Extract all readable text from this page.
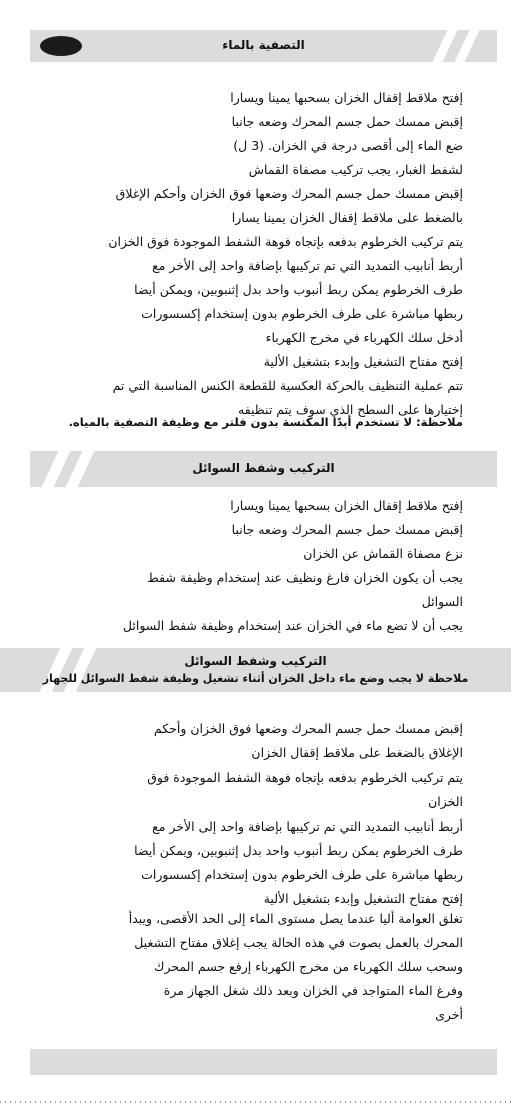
التصفية بالماء

إفتح ملاقط إقفال الخزان بسحبها يمينا ويسارا

إقبض ممسك حمل جسم المحرك وضعه جانبا

ضع الماء إلى أقصى درجة في الخزان. (3 ل)

لشفط الغبار، يجب تركيب مصفاة القماش

إقبض ممسك حمل جسم المحرك وضعها فوق الخزان وأحكم الإغلاق

بالضغط على ملاقط إقفال الخزان يمينا يسارا

يتم تركيب الخرطوم بدفعه بإتجاه فوهة الشفط الموجودة فوق الخزان

أربط أنابيب التمديد التي تم تركيبها بإضافة واحد إلى الأخر مع

طرف الخرطوم يمكن ربط أنبوب واحد بدل إثنبوبين، ويمكن أيضا

ربطها مباشرة على طرف الخرطوم بدون إستخدام إكسسورات

أدخل سلك الكهرباء في مخرج الكهرباء

إفتح مفتاح التشغيل وإبدء بتشغيل الألية

تتم عملية التنظيف بالحركة العكسية للقطعة الكنس المناسبة التي تم

إختيارها على السطح الذي سوف يتم تنظيفه

ملاحظة: لا تستخدم أبدًا المكنسة بدون فلتر مع وظيفة التصفية بالمياه.
التركيب وشفط السوائل

إفتح ملاقط إقفال الخزان بسحبها يمينا ويسارا

إقبض ممسك حمل جسم المحرك وضعه جانبا

نزع مصفاة القماش عن الخزان

يجب أن يكون الخزان فارغ ونظيف عند إستخدام وظيفة شفط

السوائل

يجب أن لا تضع ماء في الخزان عند إستخدام وظيفة شفط السوائل

التركيب وشفط السوائل
ملاحظة لا يجب وضع ماء داخل الخزان أثناء تشغيل وظيفة شفط السوائل للجهاز

إقبض ممسك حمل جسم المحرك وضعها فوق الخزان وأحكم

الإغلاق بالضغط على ملاقط إقفال الخزان

يتم تركيب الخرطوم بدفعه بإتجاه فوهة الشفط الموجودة فوق

الخزان

أربط أنابيب التمديد التي تم تركيبها بإضافة واحد إلى الأخر مع

طرف الخرطوم يمكن ربط أنبوب واحد بدل إثنبوبين، ويمكن أيضا

ربطها مباشرة على طرف الخرطوم بدون إستخدام إكسسورات

إفتح مفتاح التشغيل وإبدء بتشغيل الألية

تغلق العوامة أليا عندما يصل مستوى الماء إلى الحد الأقصى، ويبدأ

المحرك بالعمل بصوت في هذه الحالة يجب إغلاق مفتاح التشغيل

وسحب سلك الكهرباء من مخرج الكهرباء إرفع جسم المحرك

وفرغ الماء المتواجد في الخزان وبعد ذلك شغل الجهاز مرة

أخرى
